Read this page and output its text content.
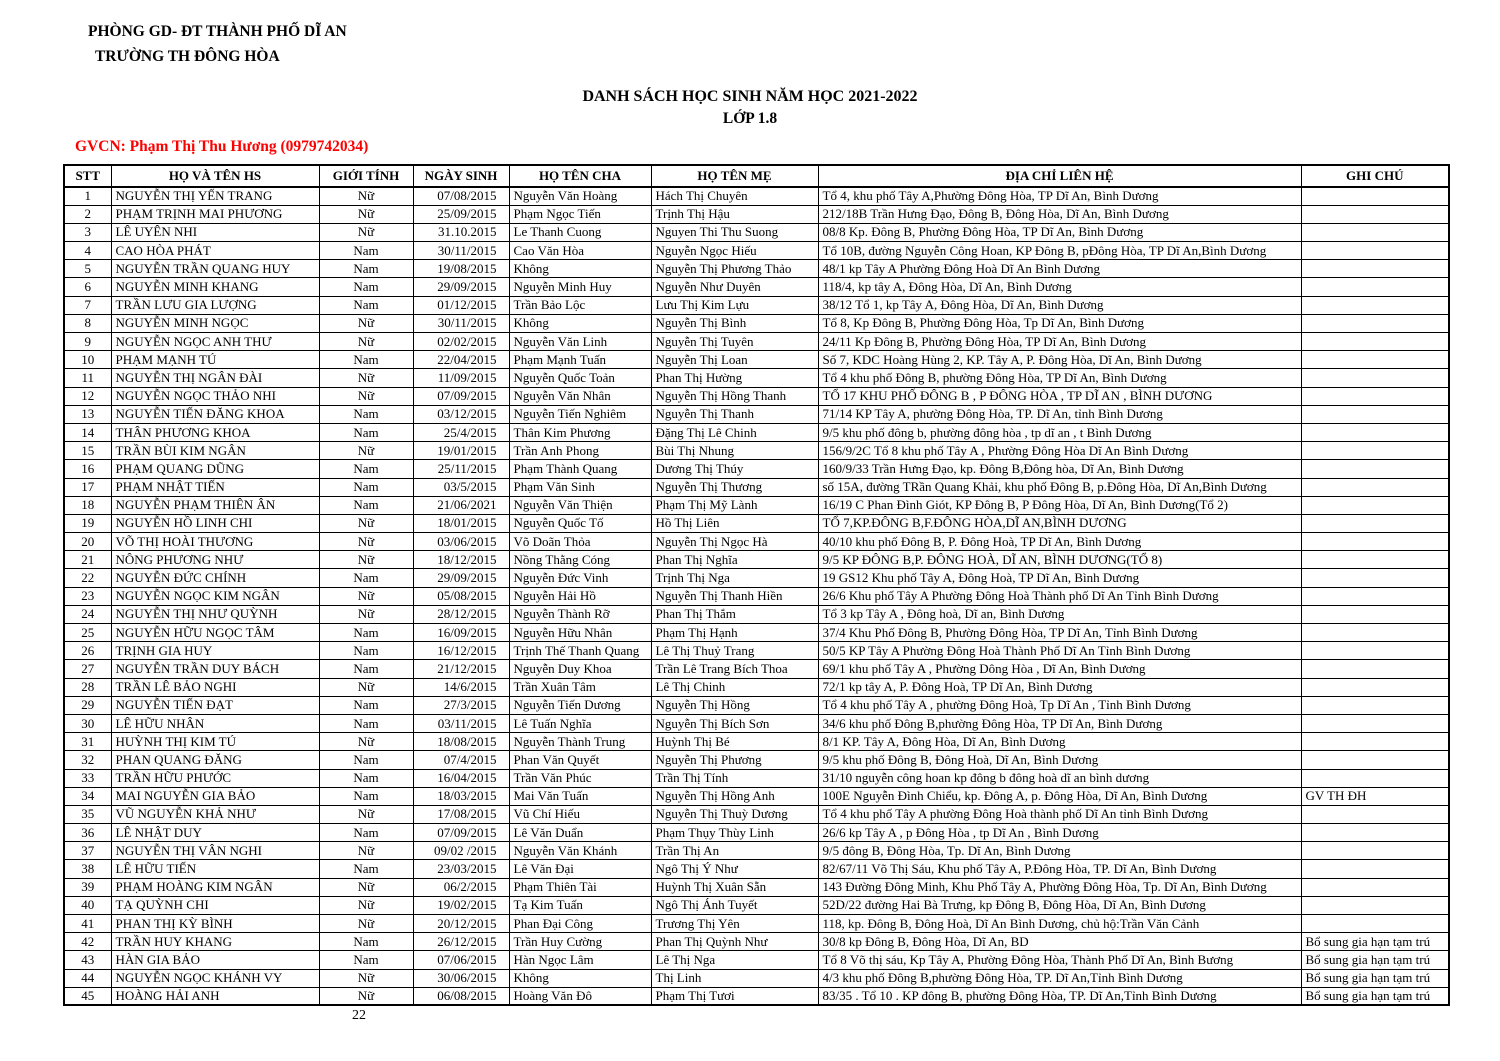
PHÒNG GD- ĐT THÀNH PHỐ DĨ AN
TRƯỜNG TH ĐÔNG HÒA
DANH SÁCH HỌC SINH NĂM HỌC 2021-2022
LỚP 1.8
GVCN: Phạm Thị Thu Hương (0979742034)
STT	HỌ VÀ TÊN HS	GIỚI TÍNH	NGÀY SINH	HỌ TÊN CHA	HỌ TÊN MẸ	ĐỊA CHỈ LIÊN HỆ	GHI CHÚ
1	NGUYỄN THỊ YẾN TRANG	Nữ	07/08/2015	Nguyễn Văn Hoàng	Hách Thị Chuyên	Tổ 4, khu phố Tây A,Phường Đông Hòa, TP Dĩ An, Bình Dương	
2	PHẠM TRỊNH MAI PHƯƠNG	Nữ	25/09/2015	Phạm Ngọc Tiến	Trịnh Thị Hậu	212/18B Trần Hưng Đạo, Đông B, Đông Hòa, Dĩ An, Bình Dương	
3	LÊ UYÊN NHI	Nữ	31.10.2015	Le Thanh Cuong	Nguyen Thi Thu Suong	08/8 Kp. Đông B, Phường Đông Hòa, TP Dĩ An, Bình Dương	
4	CAO HÒA PHÁT	Nam	30/11/2015	Cao Văn Hòa	Nguyễn Ngọc Hiếu	Tổ 10B, đường Nguyễn Công Hoan, KP Đông B, pĐông Hòa, TP Dĩ An,Bình Dương	
5	NGUYỄN TRẦN QUANG HUY	Nam	19/08/2015	Không	Nguyễn Thị Phương Thảo	48/1 kp Tây A Phường Đông Hoà Dĩ An Bình Dương	
6	NGUYỄN MINH KHANG	Nam	29/09/2015	Nguyễn Minh Huy	Nguyễn Như Duyên	118/4, kp tây A, Đông Hòa, Dĩ An, Bình Dương	
7	TRẦN LƯU GIA LƯỢNG	Nam	01/12/2015	Trần Bảo Lộc	Lưu Thị Kim Lựu	38/12 Tổ 1, kp Tây A, Đông Hòa, Dĩ An, Bình Dương	
8	NGUYỄN MINH NGỌC	Nữ	30/11/2015	Không	Nguyễn Thị Bình	Tổ 8, Kp Đông B, Phường Đông Hòa, Tp Dĩ An, Bình Dương	
9	NGUYỄN NGỌC ANH THƯ	Nữ	02/02/2015	Nguyễn Văn Linh	Nguyễn Thị Tuyên	24/11 Kp Đông B, Phường Đông Hòa, TP Dĩ An, Bình Dương	
10	PHẠM MẠNH TÚ	Nam	22/04/2015	Phạm Mạnh Tuấn	Nguyễn Thị Loan	Số 7, KDC Hoàng Hùng 2, KP. Tây A, P. Đông Hòa, Dĩ An, Bình Dương	
11	NGUYỄN THỊ NGÂN ĐÀI	Nữ	11/09/2015	Nguyễn Quốc Toản	Phan Thị Hường	Tổ 4 khu phố Đông B, phường Đông Hòa, TP Dĩ An, Bình Dương	
12	NGUYỄN NGỌC THẢO NHI	Nữ	07/09/2015	Nguyễn Văn Nhân	Nguyễn Thị Hồng Thanh	TỔ 17 KHU PHỐ ĐÔNG B , P ĐÔNG HÒA , TP DĨ AN , BÌNH DƯƠNG	
13	NGUYỄN TIẾN ĐĂNG KHOA	Nam	03/12/2015	Nguyễn Tiến Nghiêm	Nguyễn Thị Thanh	71/14 KP Tây A, phường Đông Hòa, TP. Dĩ An, tỉnh Bình Dương	
14	THÂN PHƯƠNG KHOA	Nam	25/4/2015	Thân Kim Phương	Đặng Thị Lê Chinh	9/5 khu phố đông b, phường đông hòa , tp dĩ an , t Bình Dương	
15	TRẦN BÙI KIM NGÂN	Nữ	19/01/2015	Trần Anh Phong	Bùi Thị Nhung	156/9/2C Tổ 8 khu phố Tây A , Phường Đông Hòa Dĩ An Bình Dương	
16	PHẠM QUANG DŨNG	Nam	25/11/2015	Phạm Thành Quang	Dương Thị Thúy	160/9/33 Trần Hưng Đạo, kp. Đông B,Đông hòa, Dĩ An, Bình Dương	
17	PHẠM NHẬT TIẾN	Nam	03/5/2015	Phạm Văn Sinh	Nguyễn Thị Thương	số 15A, đường TRần Quang Khải, khu phố Đông B, p.Đông Hòa, Dĩ An,Bình Dương	
18	NGUYỄN PHẠM THIÊN ÂN	Nam	21/06/2021	Nguyễn Văn Thiện	Phạm Thị Mỹ Lành	16/19 C Phan Đình Giót, KP Đông B, P Đông Hòa, Dĩ An, Bình Dương(Tổ 2)	
19	NGUYỄN HỒ LINH CHI	Nữ	18/01/2015	Nguyễn Quốc Tố	Hồ Thị Liên	TỔ 7,KP.ĐÔNG B,F.ĐÔNG HÒA,DĨ AN,BÌNH DƯƠNG	
20	VÕ THỊ HOÀI THƯƠNG	Nữ	03/06/2015	Võ Doãn Thỏa	Nguyễn Thị Ngọc Hà	40/10 khu phố Đông B, P. Đông Hoà, TP Dĩ An, Bình Dương	
21	NÔNG PHƯƠNG NHƯ	Nữ	18/12/2015	Nồng Thằng Cóng	Phan Thị Nghĩa	9/5 KP ĐÔNG B,P. ĐÔNG HOÀ, DĨ AN, BÌNH DƯƠNG(TỔ 8)	
22	NGUYỄN ĐỨC CHÍNH	Nam	29/09/2015	Nguyễn Đức Vinh	Trịnh Thị Nga	19 GS12 Khu phố Tây A, Đông Hoà, TP Dĩ An, Bình Dương	
23	NGUYỄN NGỌC KIM NGÂN	Nữ	05/08/2015	Nguyễn Hải Hồ	Nguyễn Thị Thanh Hiền	26/6 Khu phố Tây A Phường Đông Hoà Thành phố Dĩ An Tỉnh Bình Dương	
24	NGUYỄN THỊ NHƯ QUỲNH	Nữ	28/12/2015	Nguyễn Thành Rỡ	Phan Thị Thắm	Tổ 3 kp Tây A , Đông hoà, Dĩ an, Bình Dương	
25	NGUYỄN HỮU NGỌC TÂM	Nam	16/09/2015	Nguyễn Hữu Nhân	Phạm Thị Hạnh	37/4 Khu Phố Đông B, Phường Đông Hòa, TP Dĩ An, Tỉnh Bình Dương	
26	TRỊNH GIA HUY	Nam	16/12/2015	Trịnh Thế Thanh Quang	Lê Thị Thuỷ Trang	50/5 KP Tây A Phường Đông Hoà Thành Phố Dĩ An Tỉnh Bình Dương	
27	NGUYỄN TRẦN DUY BÁCH	Nam	21/12/2015	Nguyễn Duy Khoa	Trần Lê Trang Bích Thoa	69/1 khu phố Tây A , Phường Dông Hòa , Dĩ An, Bình Dương	
28	TRẦN LÊ BẢO NGHI	Nữ	14/6/2015	Trần Xuân Tâm	Lê Thị Chinh	72/1 kp tây A, P. Đông Hoà, TP Dĩ An, Bình Dương	
29	NGUYỄN TIẾN ĐẠT	Nam	27/3/2015	Nguyễn Tiến Dương	Nguyễn Thị Hồng	Tổ 4 khu phố Tây A , phường Đông Hoà, Tp Dĩ An , Tỉnh Bình Dương	
30	LÊ HỮU NHÂN	Nam	03/11/2015	Lê Tuấn Nghĩa	Nguyễn Thị Bích Sơn	34/6 khu phố Đông B,phường Đông Hòa, TP Dĩ An, Bình Dương	
31	HUỲNH THỊ KIM TÚ	Nữ	18/08/2015	Nguyễn Thành Trung	Huỳnh Thị Bé	8/1 KP. Tây A, Đông Hòa, Dĩ An, Bình Dương	
32	PHAN QUANG ĐĂNG	Nam	07/4/2015	Phan Văn Quyết	Nguyễn Thị Phương	9/5 khu phố Đông B, Đông Hoà, Dĩ An, Bình Dương	
33	TRẦN HỮU PHƯỚC	Nam	16/04/2015	Trần Văn Phúc	Trần Thị Tính	31/10 nguyễn công hoan kp đông b đông hoà dĩ an bình dương	
34	MAI NGUYỄN GIA BẢO	Nam	18/03/2015	Mai Văn Tuấn	Nguyễn Thị Hồng Anh	100E Nguyễn Đình Chiểu, kp. Đông A, p. Đông Hòa, Dĩ An, Bình Dương	GV TH ĐH
35	VŨ NGUYỄN KHẢ NHƯ	Nữ	17/08/2015	Vũ Chí Hiếu	Nguyễn Thị Thuỳ Dương	Tổ 4 khu phố Tây A phường Đông Hoà thành phố Dĩ An tỉnh Bình Dương	
36	LÊ NHẬT DUY	Nam	07/09/2015	Lê Văn Duẩn	Phạm Thụy Thùy Linh	26/6 kp Tây A , p Đông Hòa , tp Dĩ An , Bình Dương	
37	NGUYỄN THỊ VÂN NGHI	Nữ	09/02 /2015	Nguyễn Văn Khánh	Trần Thị An	9/5 đông B, Đông Hòa, Tp. Dĩ An, Bình Dương	
38	LÊ HỮU TIẾN	Nam	23/03/2015	Lê Văn Đại	Ngô Thị Ý Như	82/67/11 Võ Thị Sáu, Khu phố Tây A, P.Đông Hòa, TP. Dĩ An, Bình Dương	
39	PHẠM HOÀNG KIM NGÂN	Nữ	06/2/2015	Phạm Thiên Tài	Huỳnh Thị Xuân Sẵn	143 Đường Đông Minh, Khu Phố Tây A, Phường Đông Hòa, Tp. Dĩ An, Bình Dương	
40	TẠ QUỲNH CHI	Nữ	19/02/2015	Tạ Kim Tuấn	Ngô Thị Ánh Tuyết	52D/22 đường Hai Bà Trưng, kp Đông B, Đông Hòa, Dĩ An, Bình Dương	
41	PHAN THỊ KỲ BÌNH	Nữ	20/12/2015	Phan Đại Công	Trương Thị Yên	118, kp. Đông B, Đông Hoà, Dĩ An Bình Dương, chủ hộ:Trần Văn Cảnh	
42	TRẦN HUY KHANG	Nam	26/12/2015	Trần Huy Cường	Phan Thị Quỳnh Như	30/8 kp Đông B, Đông Hòa, Dĩ An, BD	Bổ sung gia hạn tạm trú
43	HÀN GIA BẢO	Nam	07/06/2015	Hàn Ngọc Lâm	Lê Thị Nga	Tổ 8 Võ thị sáu, Kp Tây A, Phường Đông Hòa, Thành Phố Dĩ An, Bình Bương	Bổ sung gia hạn tạm trú
44	NGUYỄN NGỌC KHÁNH VY	Nữ	30/06/2015	Không	Thị Linh	4/3 khu phố Đông B,phường Đông Hòa, TP. Dĩ An,Tỉnh Bình Dương	Bổ sung gia hạn tạm trú
45	HOÀNG HẢI ANH	Nữ	06/08/2015	Hoàng Văn Đô	Phạm Thị Tươi	83/35 . Tổ 10 . KP đông B, phường Đông Hòa, TP. Dĩ An,Tỉnh Bình Dương	Bổ sung gia hạn tạm trú
22
